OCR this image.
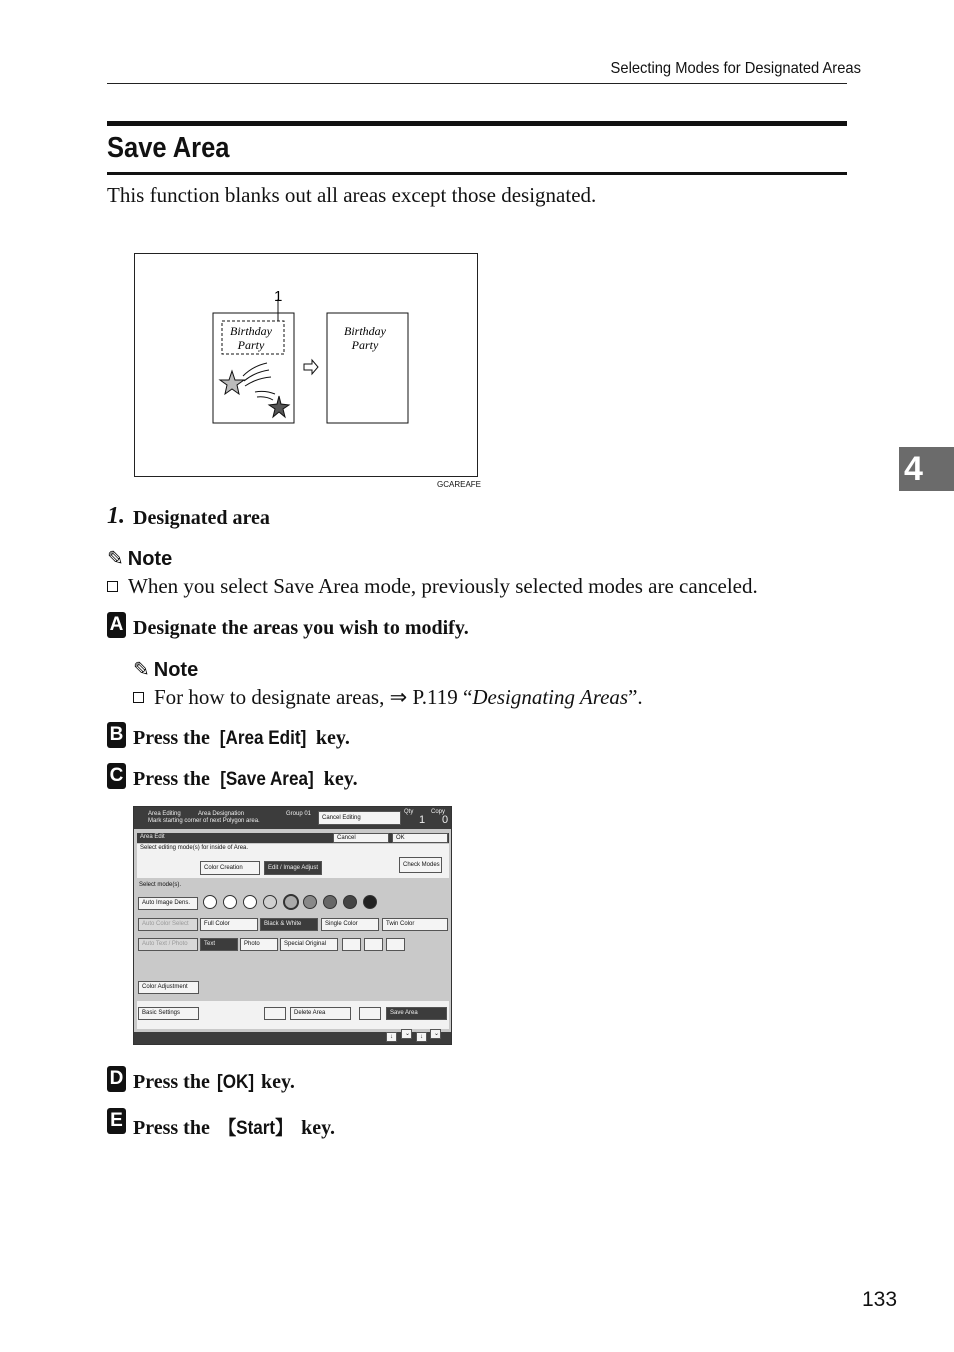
Selecting Modes for Designated Areas
Save Area
This function blanks out all areas except those designated.
1
Birthday
Party
Birthday
Party
GCAREAFE
1. Designated area
✎ Note
When you select Save Area mode, previously selected modes are canceled.
A Designate the areas you wish to modify.
✎ Note
For how to designate areas, ⇒ P.119 “Designating Areas”.
B Press the [Area Edit] key.
C Press the [Save Area] key.
Area Editing	Area Designation
Mark starting corner of next Polygon area.
Group 01
Cancel Editing
Qty
1
Copy
0
Area Edit	Cancel	OK
Select editing mode(s) for inside of Area.
Color Creation	Edit / Image Adjust	Check Modes
Select mode(s).
Auto Image Dens.
Auto Color Select	Full Color	Black & White	Single Color	Twin Color
Auto Text / Photo	Text	Photo	Special Original
Color Adjustment
Basic Settings	Delete Area	Save Area
↓	⌄	↓	⌄
D Press the [OK] key.
E Press the 【Start】 key.
4
133
